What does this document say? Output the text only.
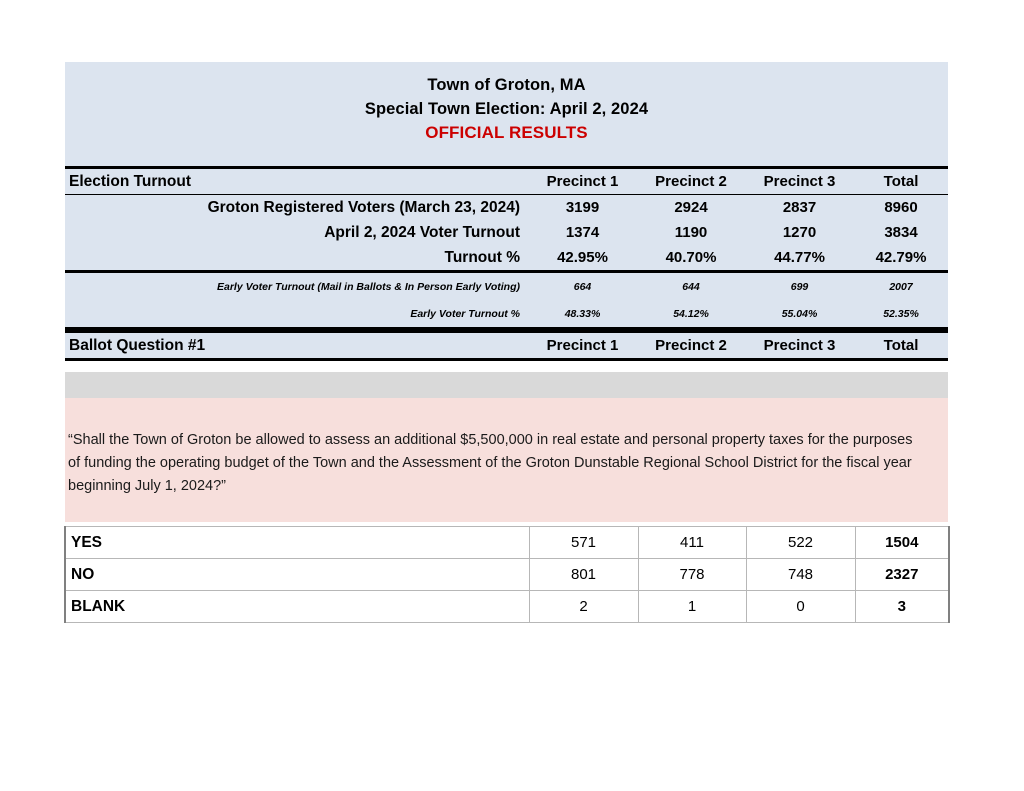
Town of Groton, MA
Special Town Election: April 2, 2024
OFFICIAL RESULTS
Election Turnout	Precinct 1	Precinct 2	Precinct 3	Total
Groton Registered Voters (March 23, 2024)	3199	2924	2837	8960
April 2, 2024 Voter Turnout	1374	1190	1270	3834
Turnout %	42.95%	40.70%	44.77%	42.79%
Early Voter Turnout (Mail in Ballots & In Person Early Voting)	664	644	699	2007
Early Voter Turnout %	48.33%	54.12%	55.04%	52.35%
Ballot Question #1	Precinct 1	Precinct 2	Precinct 3	Total
“Shall the Town of Groton be allowed to assess an additional $5,500,000 in real estate and personal property taxes for the purposes of funding the operating budget of the Town and the Assessment of the Groton Dunstable Regional School District for the fiscal year beginning July 1, 2024?”
YES	571	411	522	1504
NO	801	778	748	2327
BLANK	2	1	0	3
